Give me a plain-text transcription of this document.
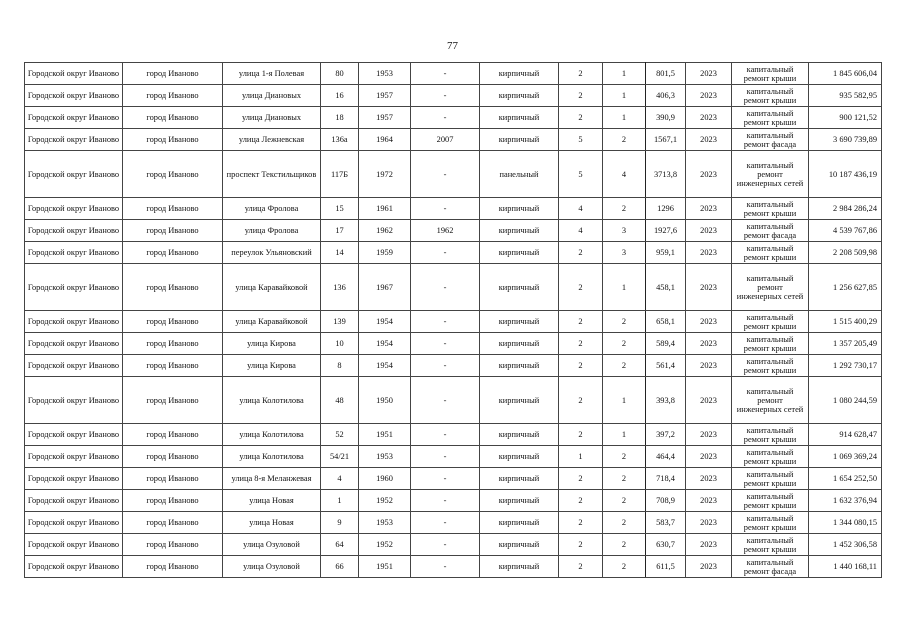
77
Городской округ Иваново	город Иваново	улица 1-я Полевая	80	1953	-	кирпичный	2	1	801,5	2023	капитальный ремонт крыши	1 845 606,04
Городской округ Иваново	город Иваново	улица Диановых	16	1957	-	кирпичный	2	1	406,3	2023	капитальный ремонт крыши	935 582,95
Городской округ Иваново	город Иваново	улица Диановых	18	1957	-	кирпичный	2	1	390,9	2023	капитальный ремонт крыши	900 121,52
Городской округ Иваново	город Иваново	улица Лежневская	136а	1964	2007	кирпичный	5	2	1567,1	2023	капитальный ремонт фасада	3 690 739,89
Городской округ Иваново	город Иваново	проспект Текстильщиков	117Б	1972	-	панельный	5	4	3713,8	2023	капитальный ремонт инженерных сетей	10 187 436,19
Городской округ Иваново	город Иваново	улица Фролова	15	1961	-	кирпичный	4	2	1296	2023	капитальный ремонт крыши	2 984 286,24
Городской округ Иваново	город Иваново	улица Фролова	17	1962	1962	кирпичный	4	3	1927,6	2023	капитальный ремонт фасада	4 539 767,86
Городской округ Иваново	город Иваново	переулок Ульяновский	14	1959	-	кирпичный	2	3	959,1	2023	капитальный ремонт крыши	2 208 509,98
Городской округ Иваново	город Иваново	улица Каравайковой	136	1967	-	кирпичный	2	1	458,1	2023	капитальный ремонт инженерных сетей	1 256 627,85
Городской округ Иваново	город Иваново	улица Каравайковой	139	1954	-	кирпичный	2	2	658,1	2023	капитальный ремонт крыши	1 515 400,29
Городской округ Иваново	город Иваново	улица Кирова	10	1954	-	кирпичный	2	2	589,4	2023	капитальный ремонт крыши	1 357 205,49
Городской округ Иваново	город Иваново	улица Кирова	8	1954	-	кирпичный	2	2	561,4	2023	капитальный ремонт крыши	1 292 730,17
Городской округ Иваново	город Иваново	улица Колотилова	48	1950	-	кирпичный	2	1	393,8	2023	капитальный ремонт инженерных сетей	1 080 244,59
Городской округ Иваново	город Иваново	улица Колотилова	52	1951	-	кирпичный	2	1	397,2	2023	капитальный ремонт крыши	914 628,47
Городской округ Иваново	город Иваново	улица Колотилова	54/21	1953	-	кирпичный	1	2	464,4	2023	капитальный ремонт крыши	1 069 369,24
Городской округ Иваново	город Иваново	улица 8-я Меланжевая	4	1960	-	кирпичный	2	2	718,4	2023	капитальный ремонт крыши	1 654 252,50
Городской округ Иваново	город Иваново	улица Новая	1	1952	-	кирпичный	2	2	708,9	2023	капитальный ремонт крыши	1 632 376,94
Городской округ Иваново	город Иваново	улица Новая	9	1953	-	кирпичный	2	2	583,7	2023	капитальный ремонт крыши	1 344 080,15
Городской округ Иваново	город Иваново	улица Озуловой	64	1952	-	кирпичный	2	2	630,7	2023	капитальный ремонт крыши	1 452 306,58
Городской округ Иваново	город Иваново	улица Озуловой	66	1951	-	кирпичный	2	2	611,5	2023	капитальный ремонт фасада	1 440 168,11
